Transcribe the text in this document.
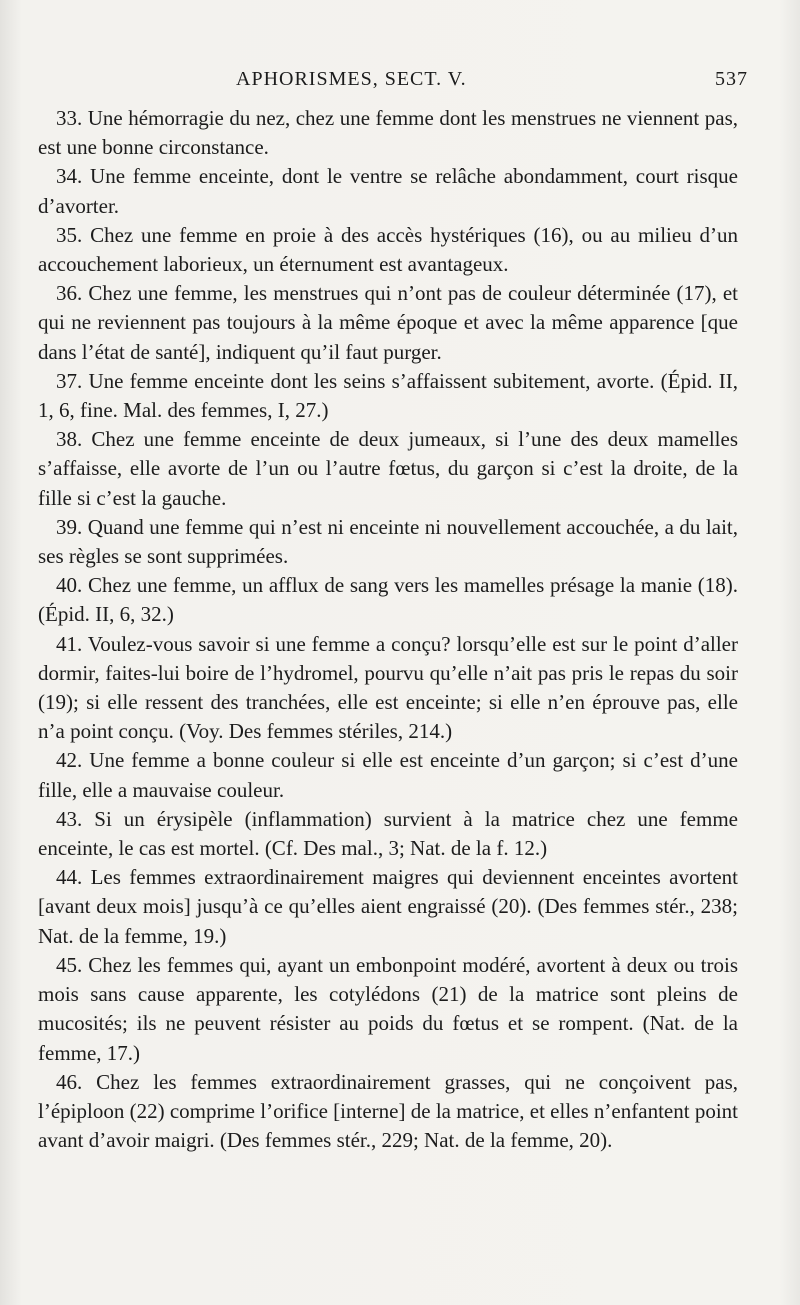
APHORISMES, SECT. V.	537

33. Une hémorragie du nez, chez une femme dont les menstrues ne viennent pas, est une bonne circonstance.

34. Une femme enceinte, dont le ventre se relâche abondamment, court risque d’avorter.

35. Chez une femme en proie à des accès hystériques (16), ou au milieu d’un accouchement laborieux, un éternument est avantageux.

36. Chez une femme, les menstrues qui n’ont pas de couleur déterminée (17), et qui ne reviennent pas toujours à la même époque et avec la même apparence [que dans l’état de santé], indiquent qu’il faut purger.

37. Une femme enceinte dont les seins s’affaissent subitement, avorte. (Épid. II, 1, 6, fine. Mal. des femmes, I, 27.)

38. Chez une femme enceinte de deux jumeaux, si l’une des deux mamelles s’affaisse, elle avorte de l’un ou l’autre fœtus, du garçon si c’est la droite, de la fille si c’est la gauche.

39. Quand une femme qui n’est ni enceinte ni nouvellement accouchée, a du lait, ses règles se sont supprimées.

40. Chez une femme, un afflux de sang vers les mamelles présage la manie (18). (Épid. II, 6, 32.)

41. Voulez-vous savoir si une femme a conçu? lorsqu’elle est sur le point d’aller dormir, faites-lui boire de l’hydromel, pourvu qu’elle n’ait pas pris le repas du soir (19); si elle ressent des tranchées, elle est enceinte; si elle n’en éprouve pas, elle n’a point conçu. (Voy. Des femmes stériles, 214.)

42. Une femme a bonne couleur si elle est enceinte d’un garçon; si c’est d’une fille, elle a mauvaise couleur.

43. Si un érysipèle (inflammation) survient à la matrice chez une femme enceinte, le cas est mortel. (Cf. Des mal., 3; Nat. de la f. 12.)

44. Les femmes extraordinairement maigres qui deviennent enceintes avortent [avant deux mois] jusqu’à ce qu’elles aient engraissé (20). (Des femmes stér., 238; Nat. de la femme, 19.)

45. Chez les femmes qui, ayant un embonpoint modéré, avortent à deux ou trois mois sans cause apparente, les cotylédons (21) de la matrice sont pleins de mucosités; ils ne peuvent résister au poids du fœtus et se rompent. (Nat. de la femme, 17.)

46. Chez les femmes extraordinairement grasses, qui ne conçoivent pas, l’épiploon (22) comprime l’orifice [interne] de la matrice, et elles n’enfantent point avant d’avoir maigri. (Des femmes stér., 229; Nat. de la femme, 20).
